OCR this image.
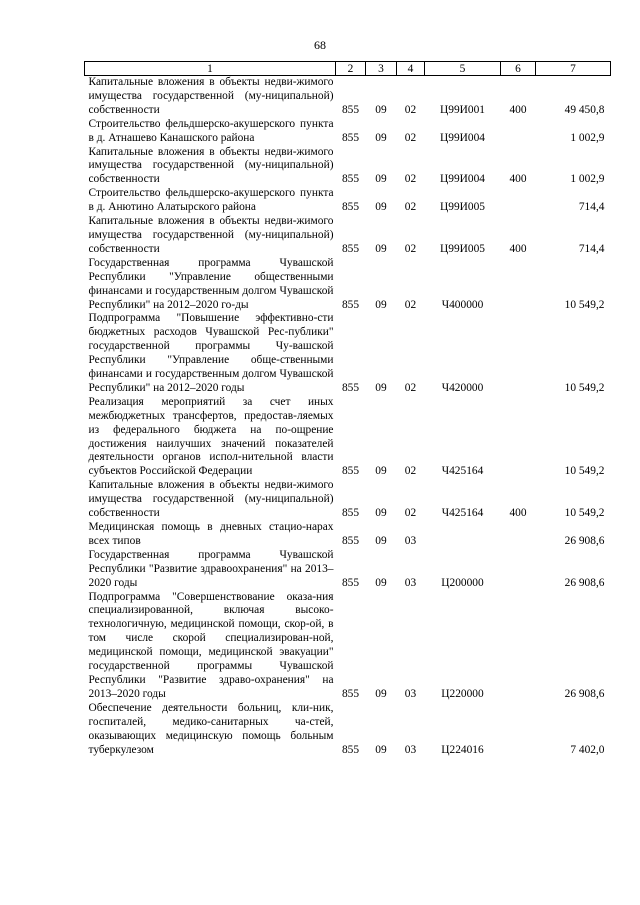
68
1	2	3	4	5	6	7
Капитальные вложения в объекты недви-жимого имущества государственной (му-ниципальной) собственности	855	09	02	Ц99И001	400	49 450,8
Строительство фельдшерско-акушерского пункта в д. Атнашево Канашского района	855	09	02	Ц99И004		1 002,9
Капитальные вложения в объекты недви-жимого имущества государственной (му-ниципальной) собственности	855	09	02	Ц99И004	400	1 002,9
Строительство фельдшерско-акушерского пункта в д. Анютино Алатырского района	855	09	02	Ц99И005		714,4
Капитальные вложения в объекты недви-жимого имущества государственной (му-ниципальной) собственности	855	09	02	Ц99И005	400	714,4
Государственная программа Чувашской Республики "Управление общественными финансами и государственным долгом Чувашской Республики" на 2012–2020 го-ды	855	09	02	Ч400000		10 549,2
Подпрограмма "Повышение эффективно-сти бюджетных расходов Чувашской Рес-публики" государственной программы Чу-вашской Республики "Управление обще-ственными финансами и государственным долгом Чувашской Республики" на 2012–2020 годы	855	09	02	Ч420000		10 549,2
Реализация мероприятий за счет иных межбюджетных трансфертов, предостав-ляемых из федерального бюджета на по-ощрение достижения наилучших значений показателей деятельности органов испол-нительной власти субъектов Российской Федерации	855	09	02	Ч425164		10 549,2
Капитальные вложения в объекты недви-жимого имущества государственной (му-ниципальной) собственности	855	09	02	Ч425164	400	10 549,2
Медицинская помощь в дневных стацио-нарах всех типов	855	09	03			26 908,6
Государственная программа Чувашской Республики "Развитие здравоохранения" на 2013–2020 годы	855	09	03	Ц200000		26 908,6
Подпрограмма "Совершенствование оказа-ния специализированной, включая высоко-технологичную, медицинской помощи, скор-ой, в том числе скорой специализирован-ной, медицинской помощи, медицинской эвакуации" государственной программы Чувашской Республики "Развитие здраво-охранения" на 2013–2020 годы	855	09	03	Ц220000		26 908,6
Обеспечение деятельности больниц, кли-ник, госпиталей, медико-санитарных ча-стей, оказывающих медицинскую помощь больным туберкулезом	855	09	03	Ц224016		7 402,0
